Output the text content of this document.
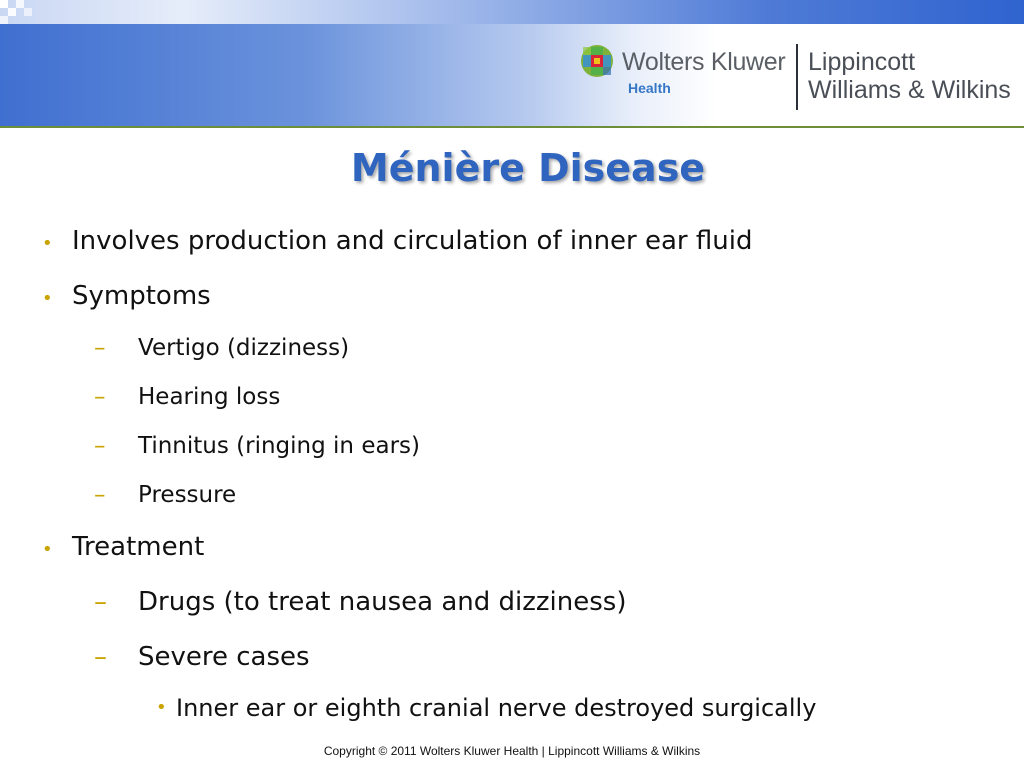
Wolters Kluwer
Health
Lippincott
Williams & Wilkins
Ménière Disease
• Involves production and circulation of inner ear fluid
• Symptoms
– Vertigo (dizziness)
– Hearing loss
– Tinnitus (ringing in ears)
– Pressure
• Treatment
– Drugs (to treat nausea and dizziness)
– Severe cases
• Inner ear or eighth cranial nerve destroyed surgically
Copyright © 2011 Wolters Kluwer Health | Lippincott Williams & Wilkins
